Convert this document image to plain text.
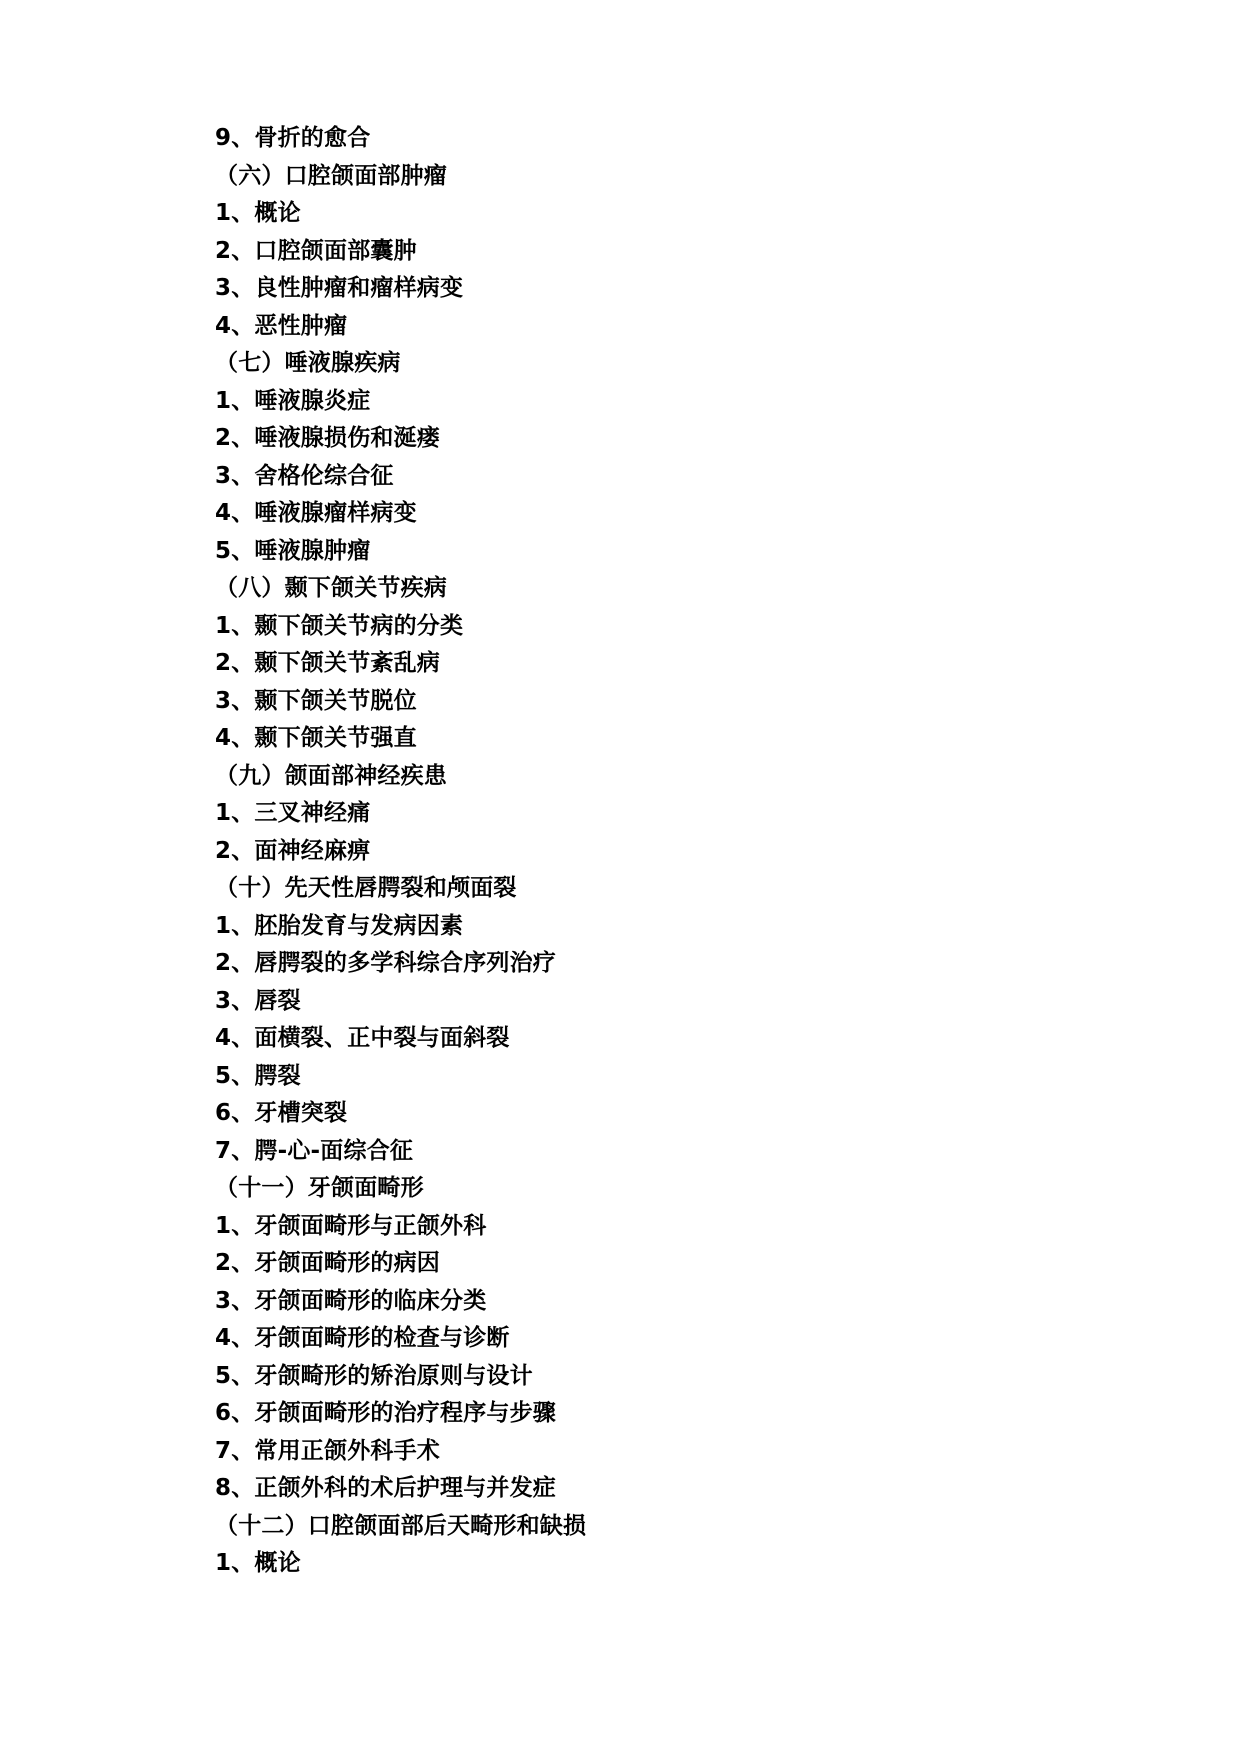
9、骨折的愈合
（六）口腔颌面部肿瘤
1、概论
2、口腔颌面部囊肿
3、良性肿瘤和瘤样病变
4、恶性肿瘤
（七）唾液腺疾病
1、唾液腺炎症
2、唾液腺损伤和涎瘘
3、舍格伦综合征
4、唾液腺瘤样病变
5、唾液腺肿瘤
（八）颞下颌关节疾病
1、颞下颌关节病的分类
2、颞下颌关节紊乱病
3、颞下颌关节脱位
4、颞下颌关节强直
（九）颌面部神经疾患
1、三叉神经痛
2、面神经麻痹
（十）先天性唇腭裂和颅面裂
1、胚胎发育与发病因素
2、唇腭裂的多学科综合序列治疗
3、唇裂
4、面横裂、正中裂与面斜裂
5、腭裂
6、牙槽突裂
7、腭-心-面综合征
（十一）牙颌面畸形
1、牙颌面畸形与正颌外科
2、牙颌面畸形的病因
3、牙颌面畸形的临床分类
4、牙颌面畸形的检查与诊断
5、牙颌畸形的矫治原则与设计
6、牙颌面畸形的治疗程序与步骤
7、常用正颌外科手术
8、正颌外科的术后护理与并发症
（十二）口腔颌面部后天畸形和缺损
1、概论
